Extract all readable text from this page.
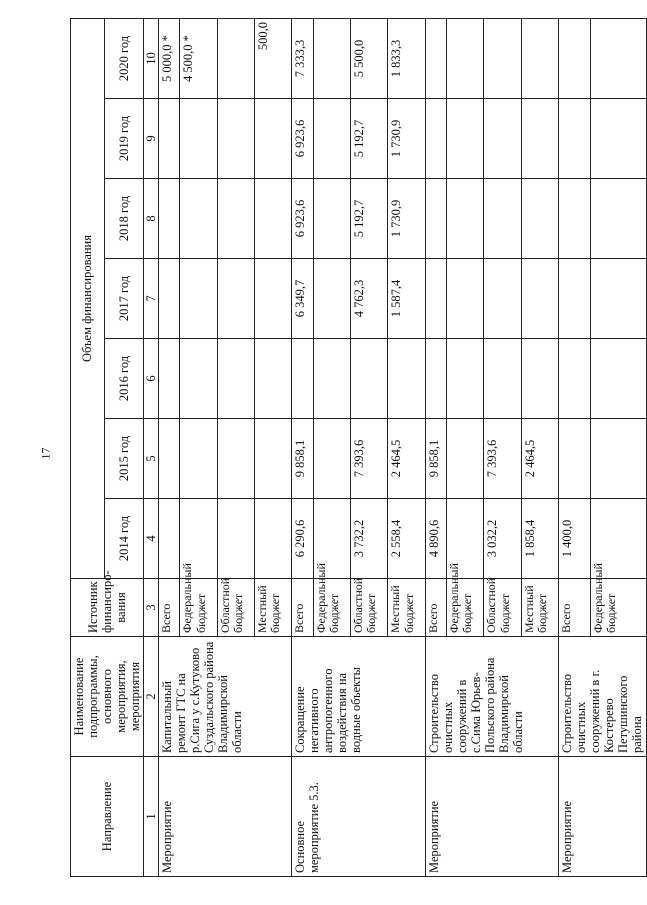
17
Направление	Наименование подпрограммы, основного мероприятия, мероприятия	Источник финансиро- вания	Объем финансирования						
			2014 год	2015 год	2016 год	2017 год	2018 год	2019 год	2020 год
1	2	3	4	5	6	7	8	9	10
Мероприятие	Капитальный ремонт ГТС на р.Сига у с.Кутуково Суздальского района Владимирской области	Всего							5 000,0 *
		Федеральный бюджет							4 500,0 *
		Областной бюджет							
		Местный бюджет							500,0
Основное мероприятие 5.3.	Сокращение негативного антропогенного воздействия на водные объекты	Всего	6 290,6	9 858,1		6 349,7	6 923,6	6 923,6	7 333,3
		Федеральный бюджет							
		Областной бюджет	3 732,2	7 393,6		4 762,3	5 192,7	5 192,7	5 500,0
		Местный бюджет	2 558,4	2 464,5		1 587,4	1 730,9	1 730,9	1 833,3
Мероприятие	Строительство очистных сооружений в с.Сима Юрьев-Польского района Владимирской области	Всего	4 890,6	9 858,1					
		Федеральный бюджет							
		Областной бюджет	3 032,2	7 393,6					
		Местный бюджет	1 858,4	2 464,5					
Мероприятие	Строительство очистных сооружений в г. Костерево Петушинского района	Всего	1 400,0						
		Федеральный бюджет							
